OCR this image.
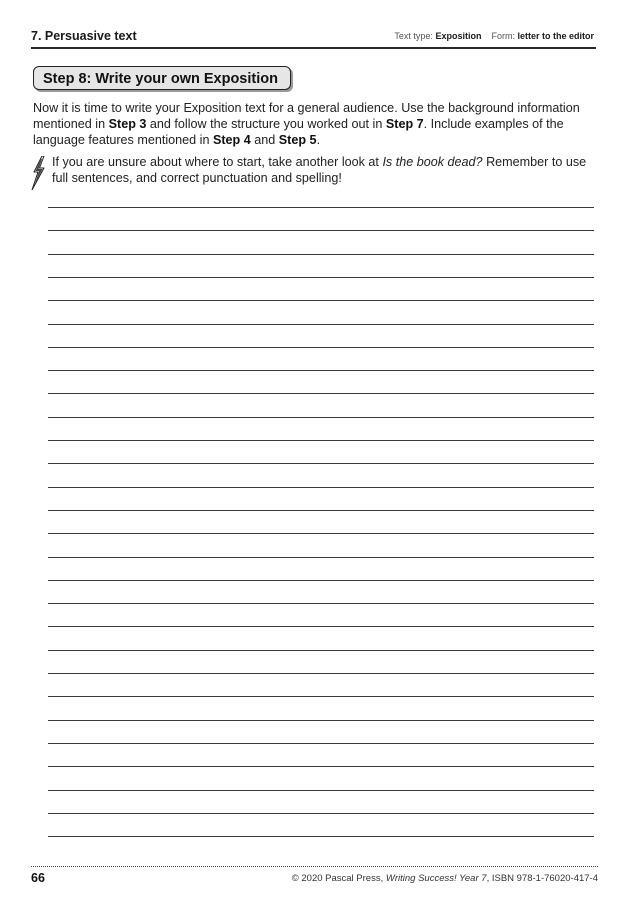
7. Persuasive text	Text type: Exposition Form: letter to the editor
Step 8: Write your own Exposition
Now it is time to write your Exposition text for a general audience. Use the background information mentioned in Step 3 and follow the structure you worked out in Step 7. Include examples of the language features mentioned in Step 4 and Step 5.
If you are unsure about where to start, take another look at Is the book dead? Remember to use full sentences, and correct punctuation and spelling!
66	© 2020 Pascal Press, Writing Success! Year 7, ISBN 978-1-76020-417-4
